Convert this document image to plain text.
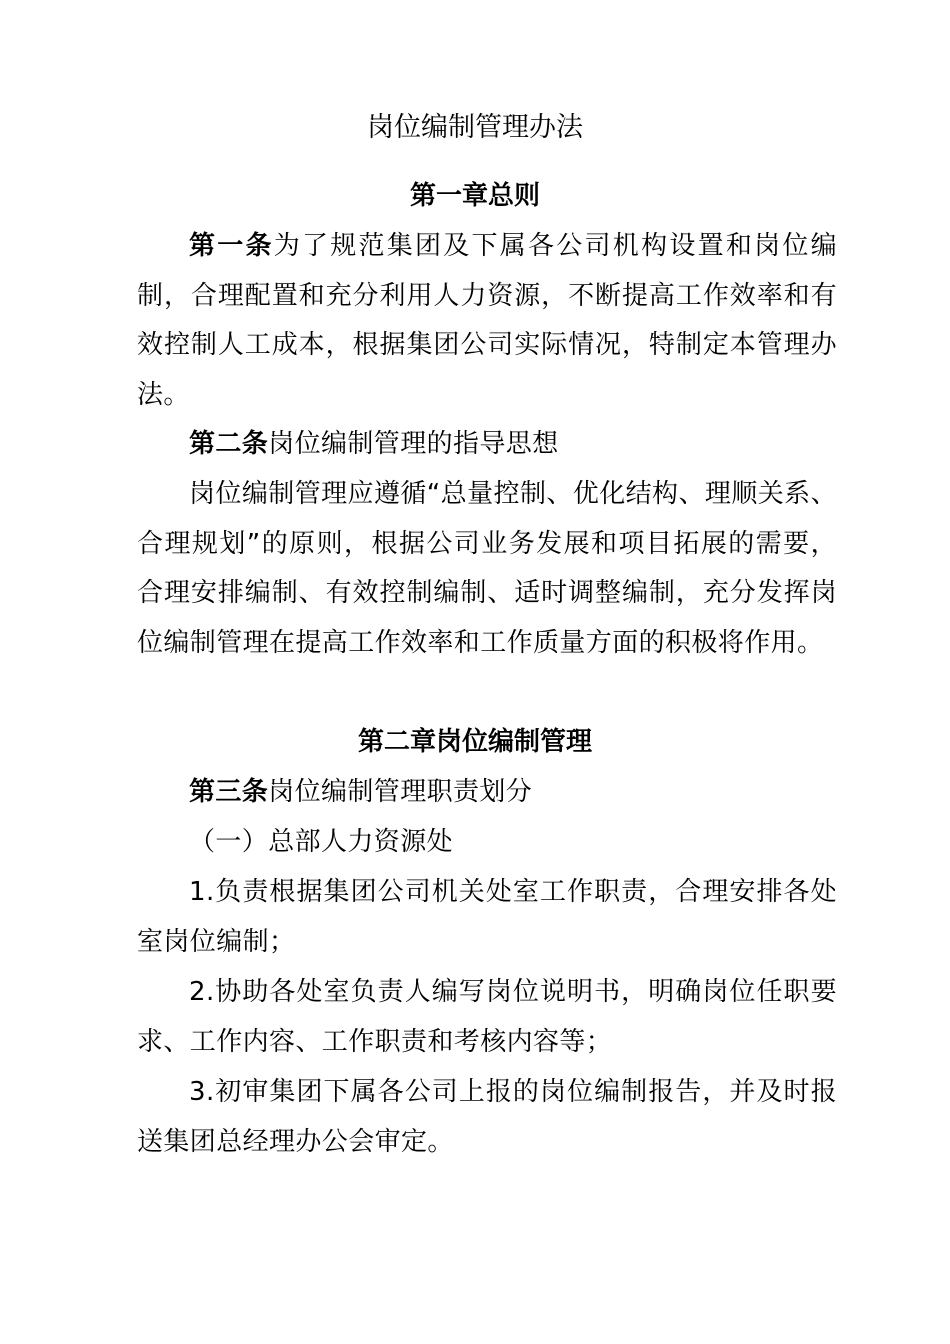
岗位编制管理办法
第一章总则
第一条为了规范集团及下属各公司机构设置和岗位编制，合理配置和充分利用人力资源，不断提高工作效率和有效控制人工成本，根据集团公司实际情况，特制定本管理办法。
第二条岗位编制管理的指导思想
岗位编制管理应遵循“总量控制、优化结构、理顺关系、合理规划”的原则，根据公司业务发展和项目拓展的需要，合理安排编制、有效控制编制、适时调整编制，充分发挥岗位编制管理在提高工作效率和工作质量方面的积极将作用。
第二章岗位编制管理
第三条岗位编制管理职责划分
（一）总部人力资源处
1.负责根据集团公司机关处室工作职责，合理安排各处室岗位编制；
2.协助各处室负责人编写岗位说明书，明确岗位任职要求、工作内容、工作职责和考核内容等；
3.初审集团下属各公司上报的岗位编制报告，并及时报送集团总经理办公会审定。
